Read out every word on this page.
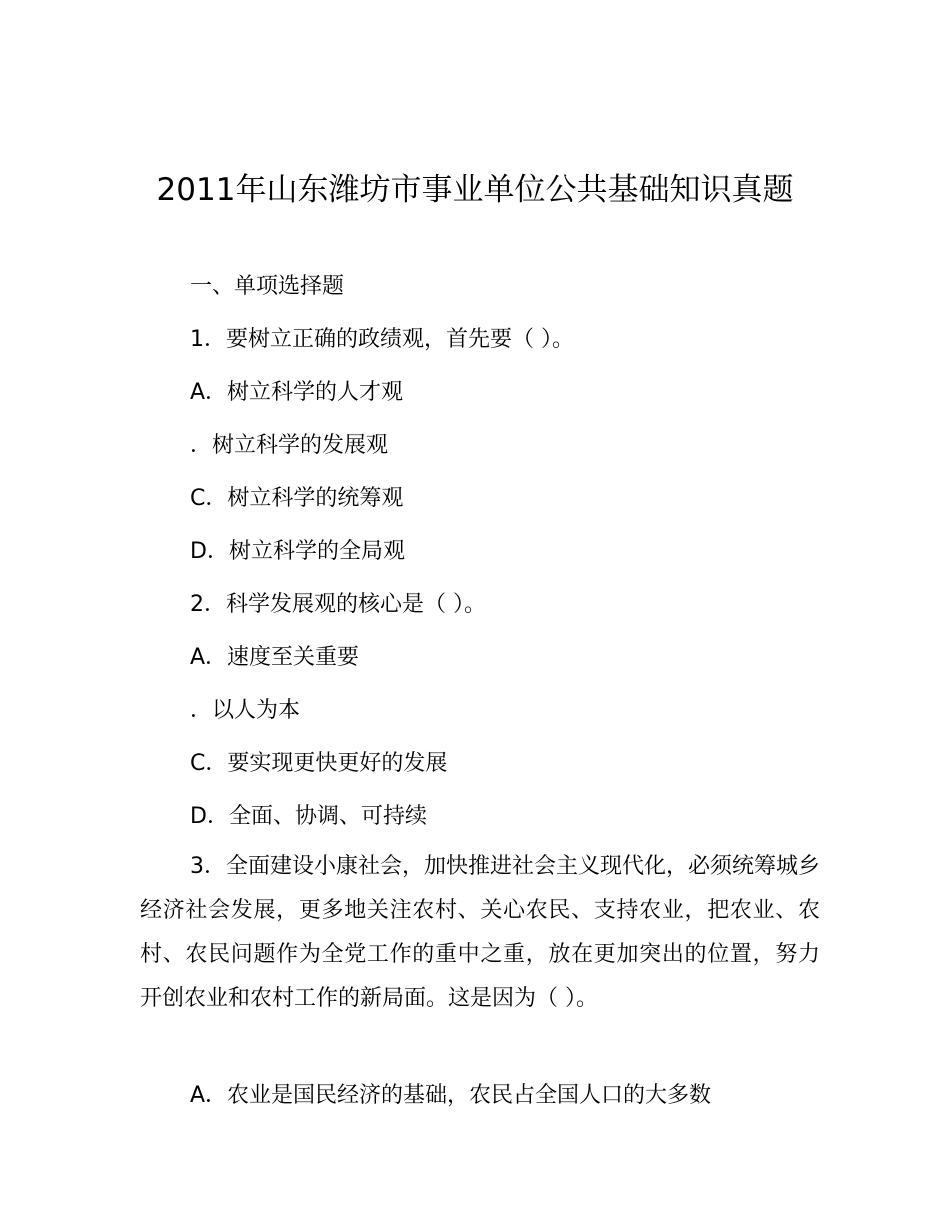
2011年山东潍坊市事业单位公共基础知识真题
一、单项选择题
1．要树立正确的政绩观，首先要（ ）。
A．树立科学的人才观
．树立科学的发展观
C．树立科学的统筹观
D．树立科学的全局观
2．科学发展观的核心是（ ）。
A．速度至关重要
．以人为本
C．要实现更快更好的发展
D．全面、协调、可持续

3．全面建设小康社会，加快推进社会主义现代化，必须统筹城乡经济社会发展，更多地关注农村、关心农民、支持农业，把农业、农村、农民问题作为全党工作的重中之重，放在更加突出的位置，努力开创农业和农村工作的新局面。这是因为（ ）。

A．农业是国民经济的基础，农民占全国人口的大多数
